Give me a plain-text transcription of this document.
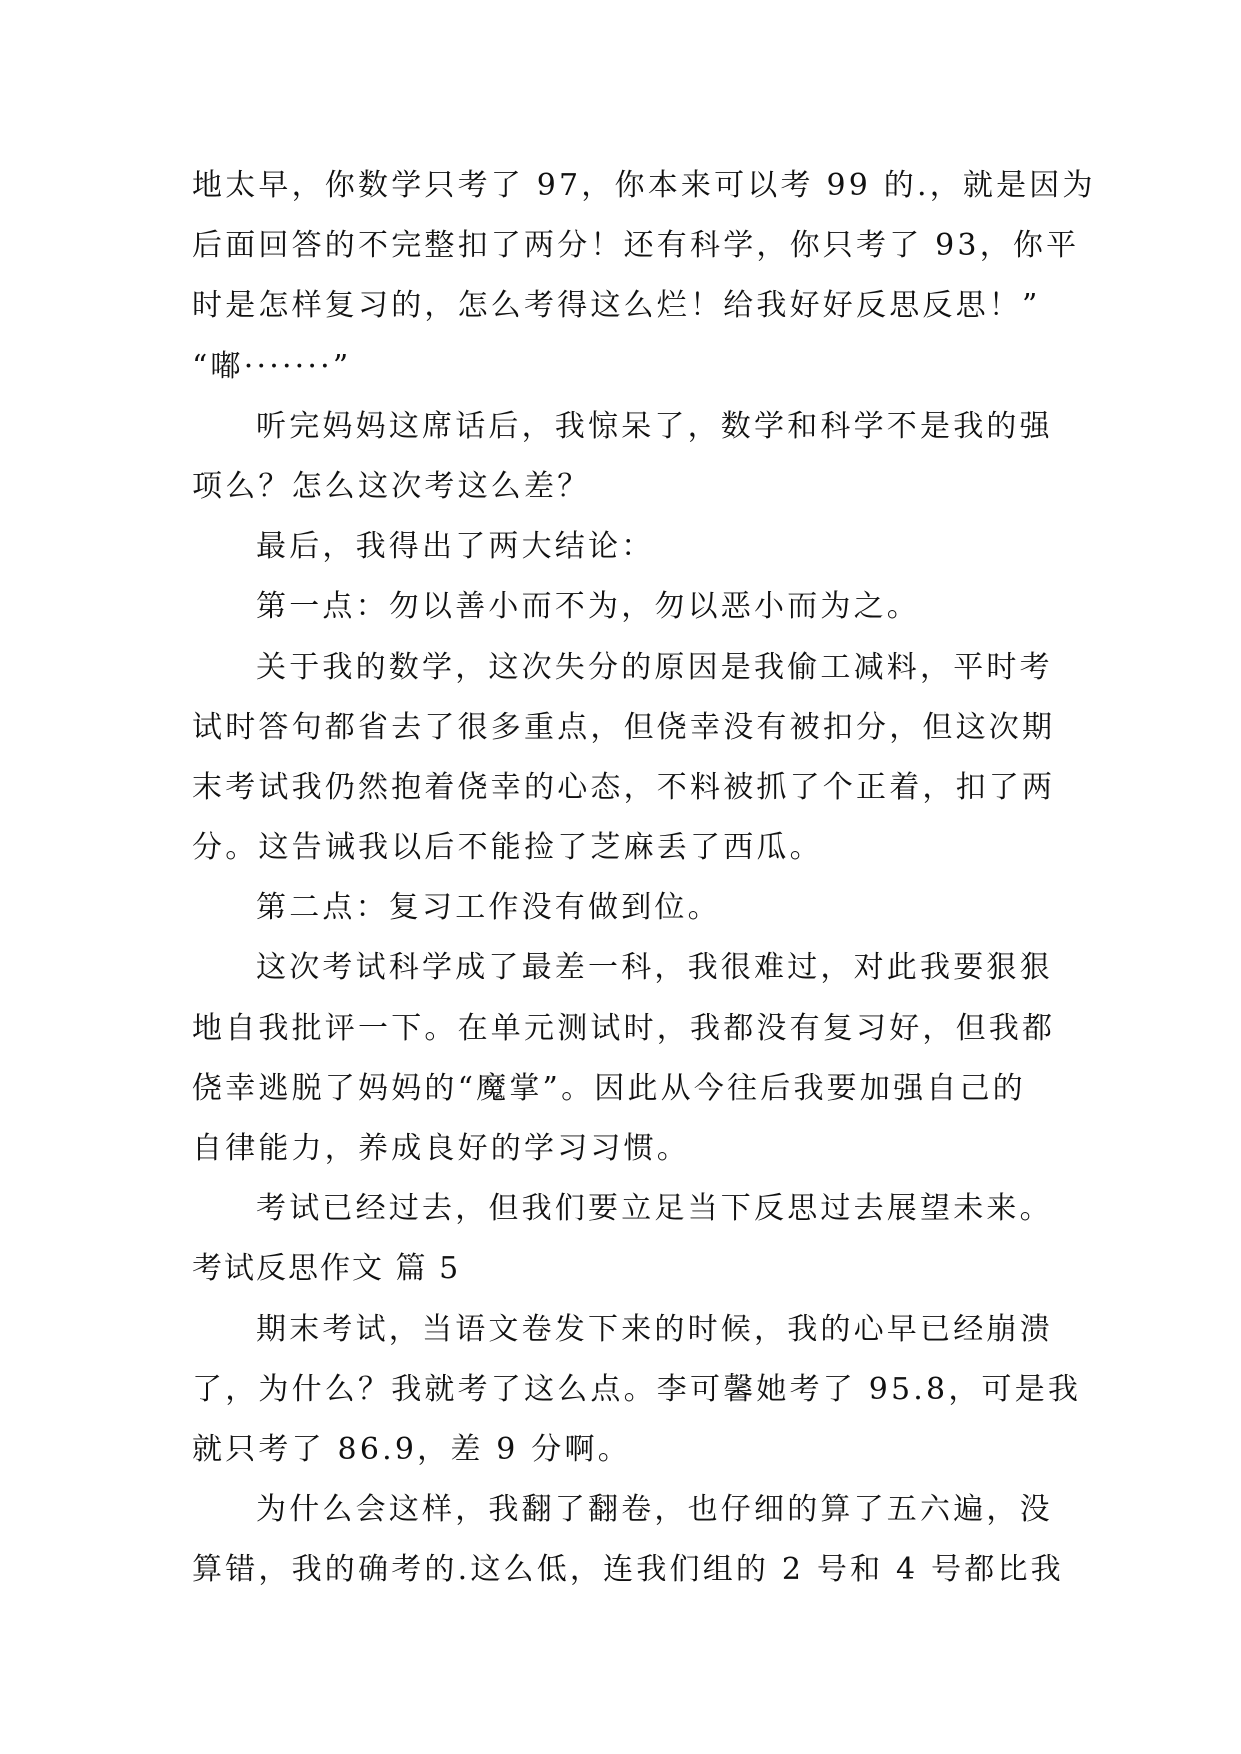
地太早，你数学只考了 97，你本来可以考 99 的.，就是因为
后面回答的不完整扣了两分！还有科学，你只考了 93，你平
时是怎样复习的，怎么考得这么烂！给我好好反思反思！”
“嘟·······”
听完妈妈这席话后，我惊呆了，数学和科学不是我的强
项么？怎么这次考这么差？
最后，我得出了两大结论：
第一点：勿以善小而不为，勿以恶小而为之。
关于我的数学，这次失分的原因是我偷工减料，平时考
试时答句都省去了很多重点，但侥幸没有被扣分，但这次期
末考试我仍然抱着侥幸的心态，不料被抓了个正着，扣了两
分。这告诫我以后不能捡了芝麻丢了西瓜。
第二点：复习工作没有做到位。
这次考试科学成了最差一科，我很难过，对此我要狠狠
地自我批评一下。在单元测试时，我都没有复习好，但我都
侥幸逃脱了妈妈的“魔掌”。因此从今往后我要加强自己的
自律能力，养成良好的学习习惯。
考试已经过去，但我们要立足当下反思过去展望未来。
考试反思作文 篇 5
期末考试，当语文卷发下来的时候，我的心早已经崩溃
了，为什么？我就考了这么点。李可馨她考了 95.8，可是我
就只考了 86.9，差 9 分啊。
为什么会这样，我翻了翻卷，也仔细的算了五六遍，没
算错，我的确考的.这么低，连我们组的 2 号和 4 号都比我
